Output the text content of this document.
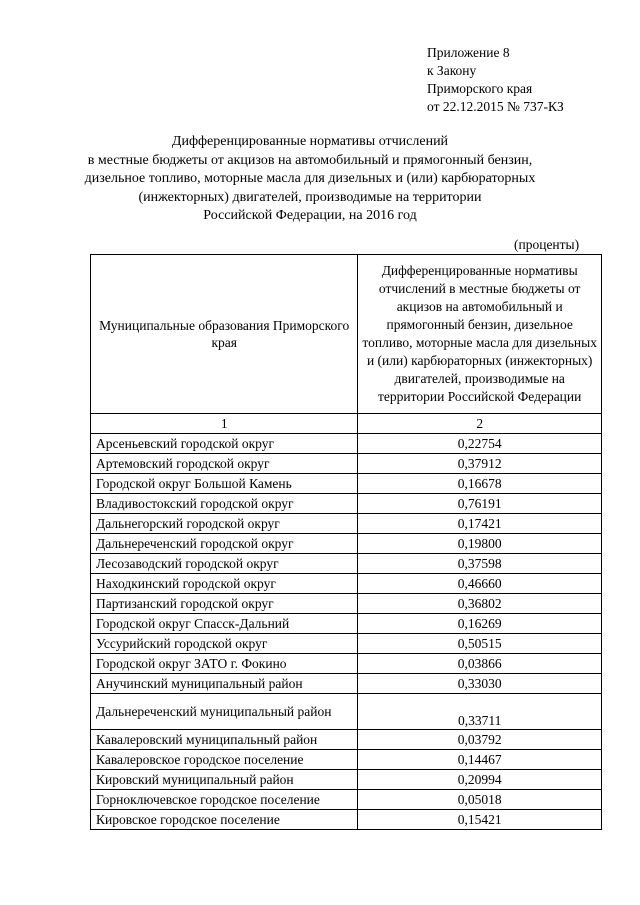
Приложение 8
к Закону
Приморского края
от 22.12.2015 № 737-КЗ
Дифференцированные нормативы отчислений
в местные бюджеты от акцизов на автомобильный и прямогонный бензин,
дизельное топливо, моторные масла для дизельных и (или) карбюраторных
(инжекторных) двигателей, производимые на территории
Российской Федерации, на 2016 год
(проценты)
Муниципальные образования Приморского края	Дифференцированные нормативы отчислений в местные бюджеты от акцизов на автомобильный и прямогонный бензин, дизельное топливо, моторные масла для дизельных и (или) карбюраторных (инжекторных) двигателей, производимые на территории Российской Федерации
1	2
Арсеньевский городской округ	0,22754
Артемовский городской округ	0,37912
Городской округ Большой Камень	0,16678
Владивостокский городской округ	0,76191
Дальнегорский городской округ	0,17421
Дальнереченский городской округ	0,19800
Лесозаводский городской округ	0,37598
Находкинский городской округ	0,46660
Партизанский городской округ	0,36802
Городской округ Спасск-Дальний	0,16269
Уссурийский городской округ	0,50515
Городской округ ЗАТО г. Фокино	0,03866
Анучинский муниципальный район	0,33030
Дальнереченский муниципальный район	0,33711
Кавалеровский муниципальный район	0,03792
Кавалеровское городское поселение	0,14467
Кировский муниципальный район	0,20994
Горноключевское городское поселение	0,05018
Кировское городское поселение	0,15421
